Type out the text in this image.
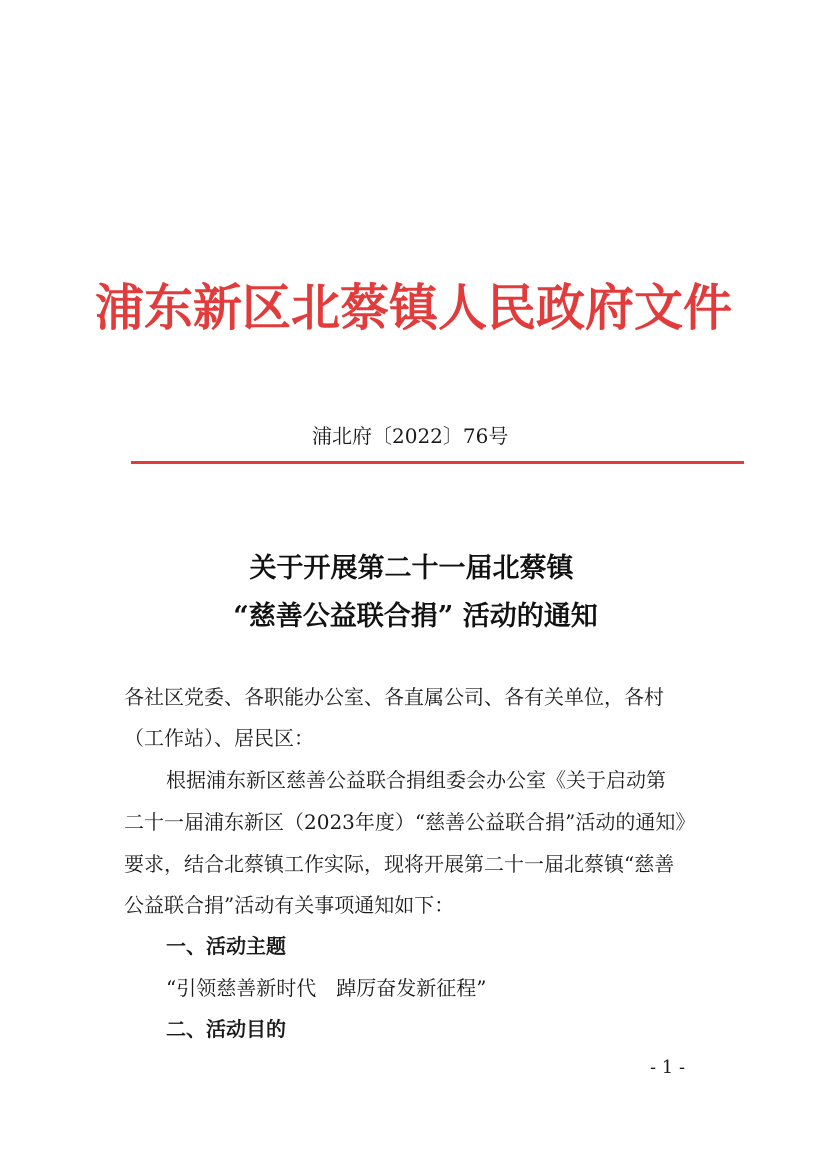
浦东新区北蔡镇人民政府文件
浦北府〔2022〕76号
关于开展第二十一届北蔡镇
“慈善公益联合捐” 活动的通知
各社区党委、各职能办公室、各直属公司、各有关单位，各村
（工作站）、居民区：
根据浦东新区慈善公益联合捐组委会办公室《关于启动第
二十一届浦东新区（2023年度）“慈善公益联合捐”活动的通知》
要求，结合北蔡镇工作实际，现将开展第二十一届北蔡镇“慈善
公益联合捐”活动有关事项通知如下：
一、活动主题
“引领慈善新时代　踔厉奋发新征程”
二、活动目的
- 1 -
